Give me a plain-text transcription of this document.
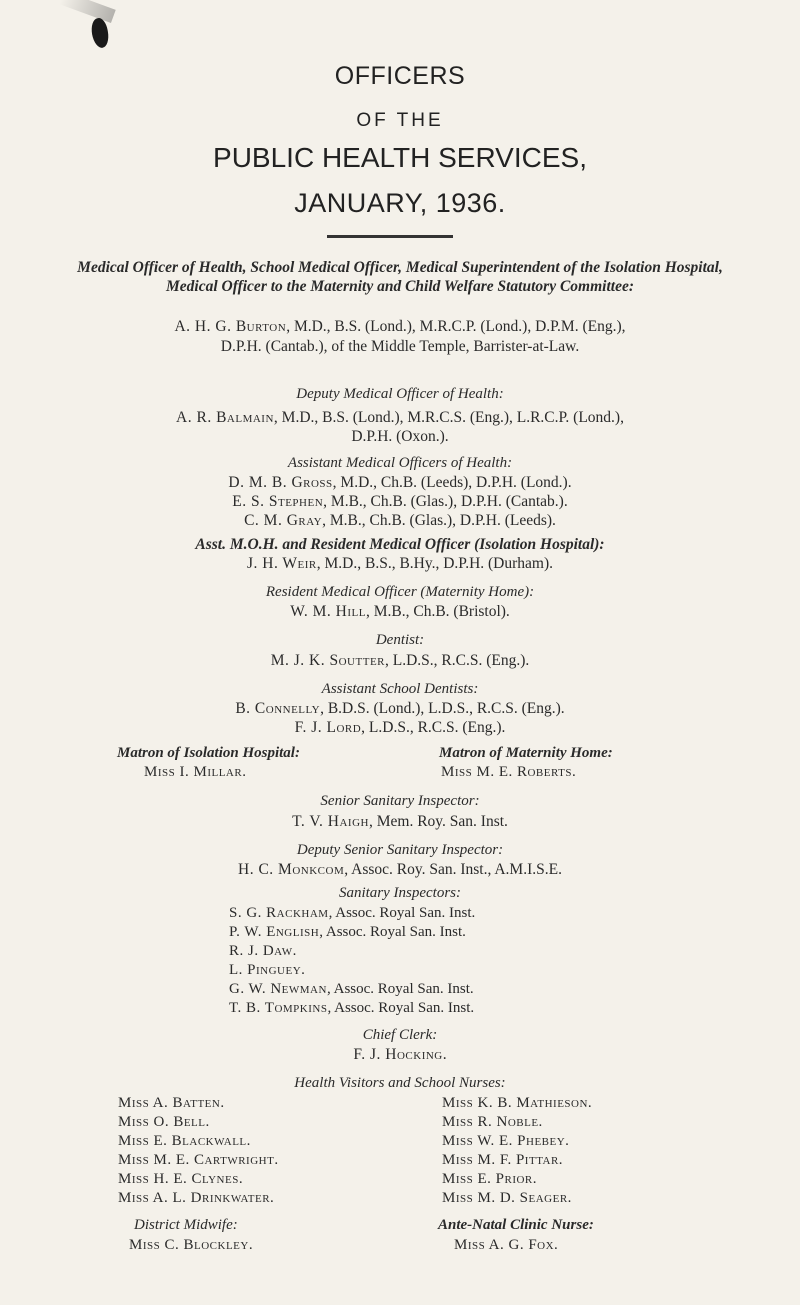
OFFICERS
OF THE
PUBLIC HEALTH SERVICES,
JANUARY, 1936.
Medical Officer of Health, School Medical Officer, Medical Superintendent of the Isolation Hospital, Medical Officer to the Maternity and Child Welfare Statutory Committee:
A. H. G. Burton, M.D., B.S. (Lond.), M.R.C.P. (Lond.), D.P.M. (Eng.),
D.P.H. (Cantab.), of the Middle Temple, Barrister-at-Law.
Deputy Medical Officer of Health:
A. R. Balmain, M.D., B.S. (Lond.), M.R.C.S. (Eng.), L.R.C.P. (Lond.),
D.P.H. (Oxon.).
Assistant Medical Officers of Health:
D. M. B. Gross, M.D., Ch.B. (Leeds), D.P.H. (Lond.).
E. S. Stephen, M.B., Ch.B. (Glas.), D.P.H. (Cantab.).
C. M. Gray, M.B., Ch.B. (Glas.), D.P.H. (Leeds).
Asst. M.O.H. and Resident Medical Officer (Isolation Hospital):
J. H. Weir, M.D., B.S., B.Hy., D.P.H. (Durham).
Resident Medical Officer (Maternity Home):
W. M. Hill, M.B., Ch.B. (Bristol).
Dentist:
M. J. K. Soutter, L.D.S., R.C.S. (Eng.).
Assistant School Dentists:
B. Connelly, B.D.S. (Lond.), L.D.S., R.C.S. (Eng.).
F. J. Lord, L.D.S., R.C.S. (Eng.).
Matron of Isolation Hospital:
Miss I. Millar.
Matron of Maternity Home:
Miss M. E. Roberts.
Senior Sanitary Inspector:
T. V. Haigh, Mem. Roy. San. Inst.
Deputy Senior Sanitary Inspector:
H. C. Monkcom, Assoc. Roy. San. Inst., A.M.I.S.E.
Sanitary Inspectors:
S. G. Rackham, Assoc. Royal San. Inst.
P. W. English, Assoc. Royal San. Inst.
R. J. Daw.
L. Pinguey.
G. W. Newman, Assoc. Royal San. Inst.
T. B. Tompkins, Assoc. Royal San. Inst.
Chief Clerk:
F. J. Hocking.
Health Visitors and School Nurses:
Miss A. Batten.
Miss O. Bell.
Miss E. Blackwall.
Miss M. E. Cartwright.
Miss H. E. Clynes.
Miss A. L. Drinkwater.
Miss K. B. Mathieson.
Miss R. Noble.
Miss W. E. Phebey.
Miss M. F. Pittar.
Miss E. Prior.
Miss M. D. Seager.
District Midwife:
Miss C. Blockley.
Ante-Natal Clinic Nurse:
Miss A. G. Fox.
